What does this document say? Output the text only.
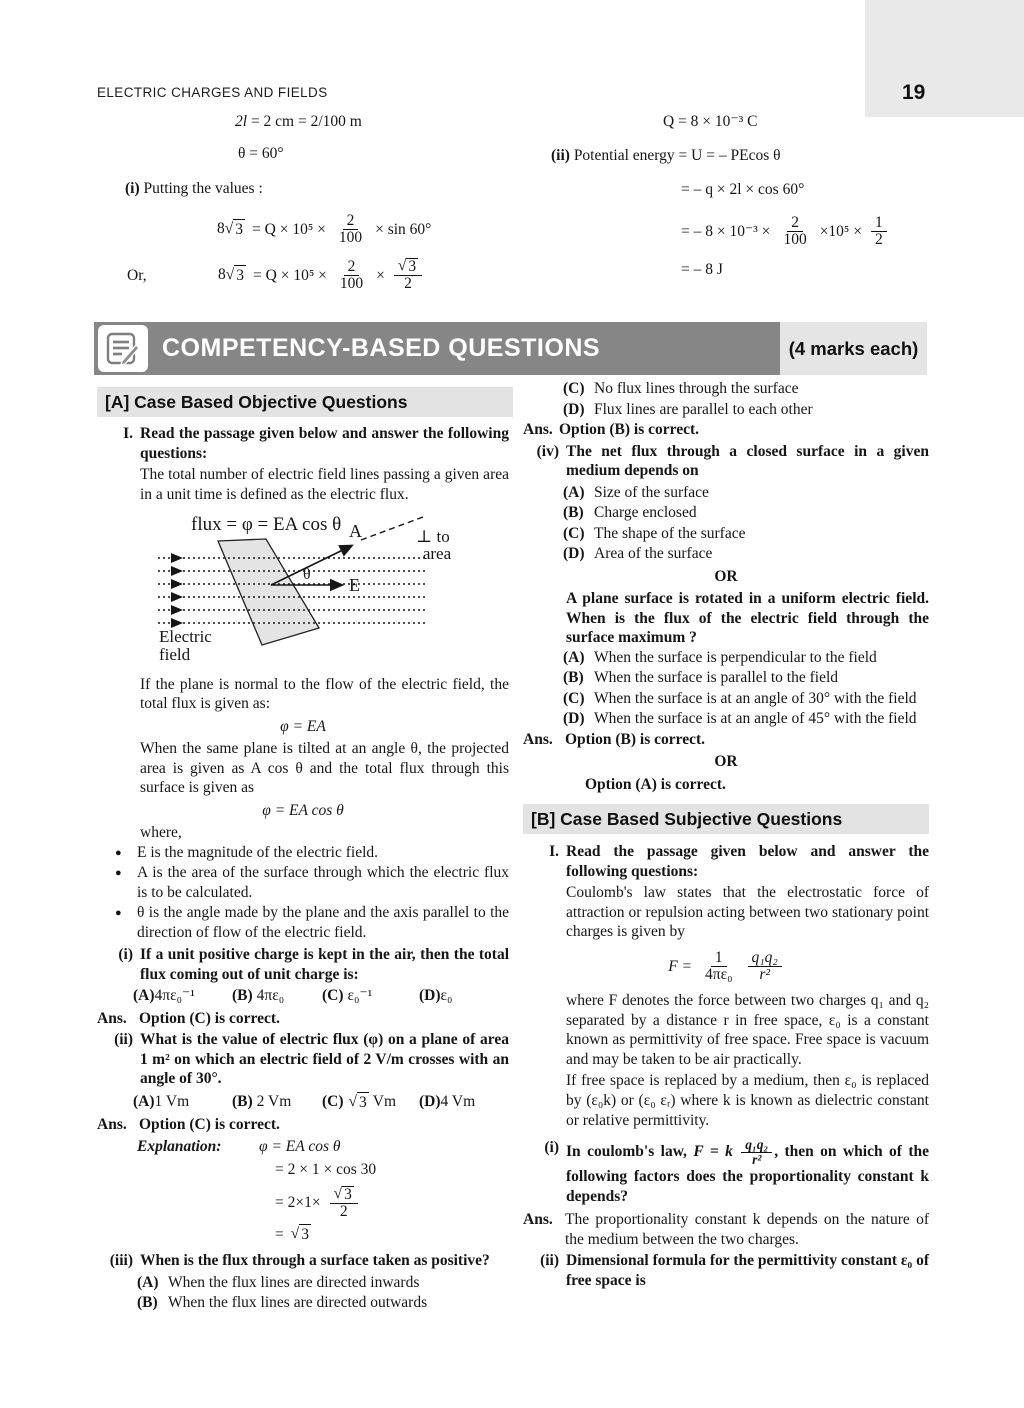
ELECTRIC CHARGES AND FIELDS	19
2l = 2 cm = 2/100 m
θ = 60°
(i) Putting the values :
8 √ $3 = Q \times 10^5 \times \frac{2}{100} \times \sin 60^\circ$
Or,	8 √ $3 = Q \times 10^5 \times \frac{2}{100} \times \frac{√ 3}{2}$
Q = 8 × 10⁻³ C
(ii) Potential energy = U = – PEcos θ
= – q × 2l × cos 60°
= – $8 \times 10^{-3} \times \frac{2}{100} \times 10^5 \times \frac{1}{2}$
= – 8 J
COMPETENCY-BASED QUESTIONS	(4 marks each)
[A] Case Based Objective Questions
I. Read the passage given below and answer the following questions:
The total number of electric field lines passing a given area in a unit time is defined as the electric flux.
flux = φ = EA cos θ A	⊥ to
area
θ
E
Electric
field
If the plane is normal to the flow of the electric field, the total flux is given as:
φ = EA
When the same plane is tilted at an angle θ, the projected area is given as A cos θ and the total flux through this surface is given as
φ = EA cos θ
where,
● E is the magnitude of the electric field.
● A is the area of the surface through which the electric flux is to be calculated.
● θ is the angle made by the plane and the axis parallel to the direction of flow of the electric field.
(i) If a unit positive charge is kept in the air, then the total flux coming out of unit charge is:
(A) 4πε₀⁻¹ (B) 4πε₀ (C) ε₀⁻¹	(D) ε₀
Ans. Option (C) is correct.
(ii) What is the value of electric flux (φ) on a plane of area 1 m² on which an electric field of 2 V/m crosses with an angle of 30°.
(A) 1 Vm	(B) 2 Vm (C) √ 3 Vm (D) 4 Vm
Ans. Option (C) is correct.
Explanation:	φ = EA cos θ
= 2 × 1 × cos 30
= $2\times 1\times \frac{√ 3}{2}$
= √ 3
(iii) When is the flux through a surface taken as positive?
(A) When the flux lines are directed inwards
(B) When the flux lines are directed outwards
(C) No flux lines through the surface
(D) Flux lines are parallel to each other
Ans. Option (B) is correct.
(iv) The net flux through a closed surface in a given medium depends on
(A) Size of the surface
(B) Charge enclosed
(C) The shape of the surface
(D) Area of the surface
OR
A plane surface is rotated in a uniform electric field. When is the flux of the electric field through the surface maximum ?
(A) When the surface is perpendicular to the field
(B) When the surface is parallel to the field
(C) When the surface is at an angle of 30° with the field
(D) When the surface is at an angle of 45° with the field
Ans. Option (B) is correct.
OR
Option (A) is correct.
[B] Case Based Subjective Questions
I. Read the passage given below and answer the following questions:
Coulomb's law states that the electrostatic force of attraction or repulsion acting between two stationary point charges is given by
$F = \frac{1}{\text{4πε₀}} \frac{\text{q₁q₂}}{\text{r²}}$
where F denotes the force between two charges q₁ and q₂ separated by a distance r in free space, ε₀ is a constant known as permittivity of free space. Free space is vacuum and may be taken to be air practically.
If free space is replaced by a medium, then ε₀ is replaced by (ε₀k) or (ε₀ εᵣ) where k is known as dielectric constant or relative permittivity.
(i) In coulomb's law, F = k $\frac{\text{q₁q₂}}{\text{r²}}$ , then on which of the following factors does the proportionality constant k depends?
Ans. The proportionality constant k depends on the nature of the medium between the two charges.
(ii) Dimensional formula for the permittivity constant ε₀ of free space is
